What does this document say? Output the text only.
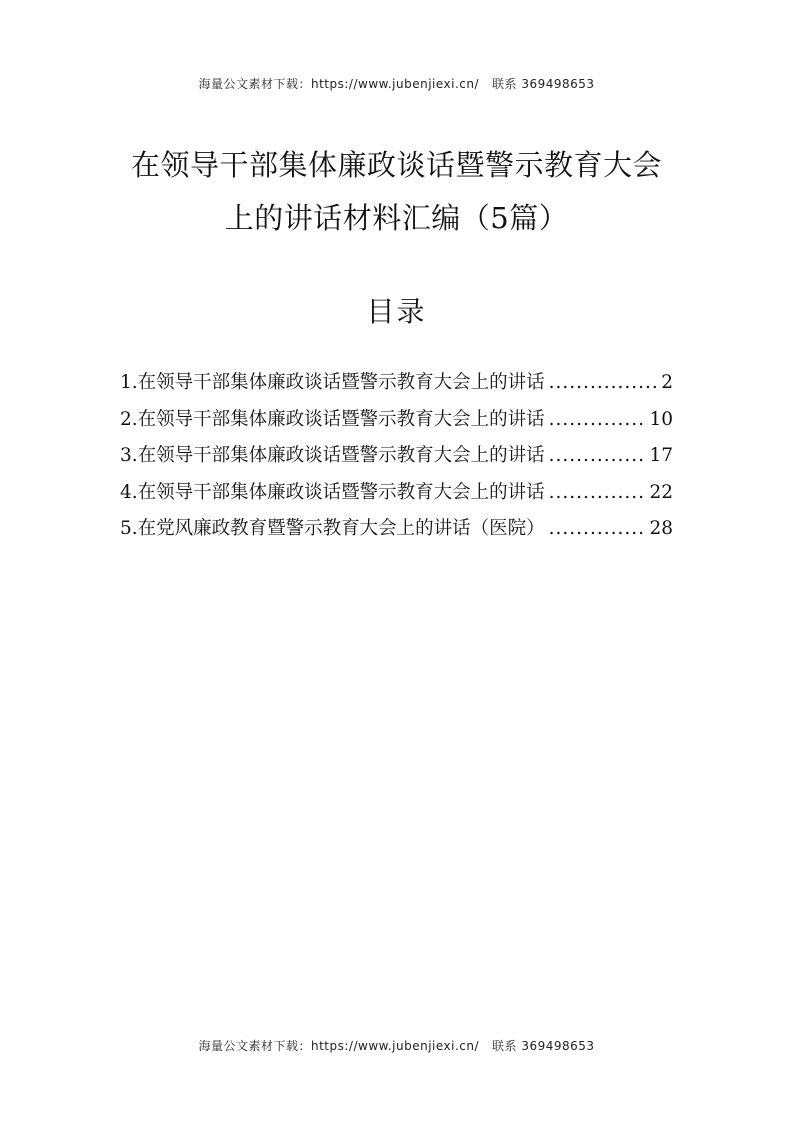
海量公文素材下载：https://www.jubenjiexi.cn/ 联系 369498653
在领导干部集体廉政谈话暨警示教育大会
上的讲话材料汇编（5篇）
目录
1.在领导干部集体廉政谈话暨警示教育大会上的讲话 .....	2
2.在领导干部集体廉政谈话暨警示教育大会上的讲话 .....	10
3.在领导干部集体廉政谈话暨警示教育大会上的讲话 .....	17
4.在领导干部集体廉政谈话暨警示教育大会上的讲话 .....	22
5.在党风廉政教育暨警示教育大会上的讲话（医院） .....	28
海量公文素材下载：https://www.jubenjiexi.cn/ 联系 369498653
